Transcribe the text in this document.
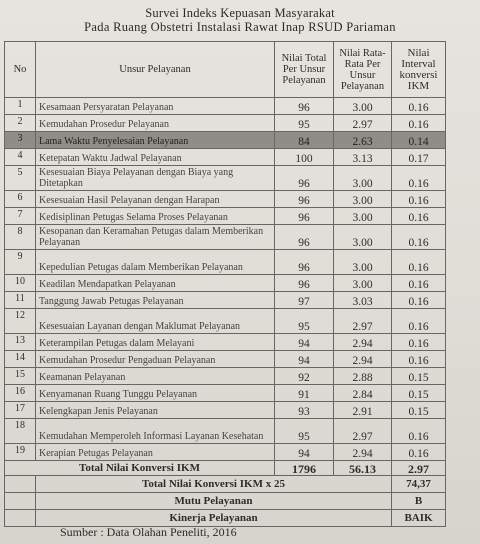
Survei Indeks Kepuasan Masyarakat
Pada Ruang Obstetri Instalasi Rawat Inap RSUD Pariaman
No	Unsur Pelayanan	Nilai Total Per Unsur Pelayanan	Nilai Rata-Rata Per Unsur Pelayanan	Nilai Interval konversi IKM
1	Kesamaan Persyaratan Pelayanan	96	3.00	0.16
2	Kemudahan Prosedur Pelayanan	95	2.97	0.16
3	Lama Waktu Penyelesaian Pelayanan	84	2.63	0.14
4	Ketepatan Waktu Jadwal Pelayanan	100	3.13	0.17
5	Kesesuaian Biaya Pelayanan dengan Biaya yang Ditetapkan	96	3.00	0.16
6	Kesesuaian Hasil Pelayanan dengan Harapan	96	3.00	0.16
7	Kedisiplinan Petugas Selama Proses Pelayanan	96	3.00	0.16
8	Kesopanan dan Keramahan Petugas dalam Memberikan Pelayanan	96	3.00	0.16
9	Kepedulian Petugas dalam Memberikan Pelayanan	96	3.00	0.16
10	Keadilan Mendapatkan Pelayanan	96	3.00	0.16
11	Tanggung Jawab Petugas Pelayanan	97	3.03	0.16
12	Kesesuaian Layanan dengan Maklumat Pelayanan	95	2.97	0.16
13	Keterampilan Petugas dalam Melayani	94	2.94	0.16
14	Kemudahan Prosedur Pengaduan Pelayanan	94	2.94	0.16
15	Keamanan Pelayanan	92	2.88	0.15
16	Kenyamanan Ruang Tunggu Pelayanan	91	2.84	0.15
17	Kelengkapan Jenis Pelayanan	93	2.91	0.15
18	Kemudahan Memperoleh Informasi Layanan Kesehatan	95	2.97	0.16
19	Kerapian Petugas Pelayanan	94	2.94	0.16
Total Nilai Konversi IKM		1796	56.13	2.97
	Total Nilai Konversi IKM x 25			74,37
	Mutu Pelayanan			B
	Kinerja Pelayanan			BAIK
Sumber : Data Olahan Peneliti, 2016
